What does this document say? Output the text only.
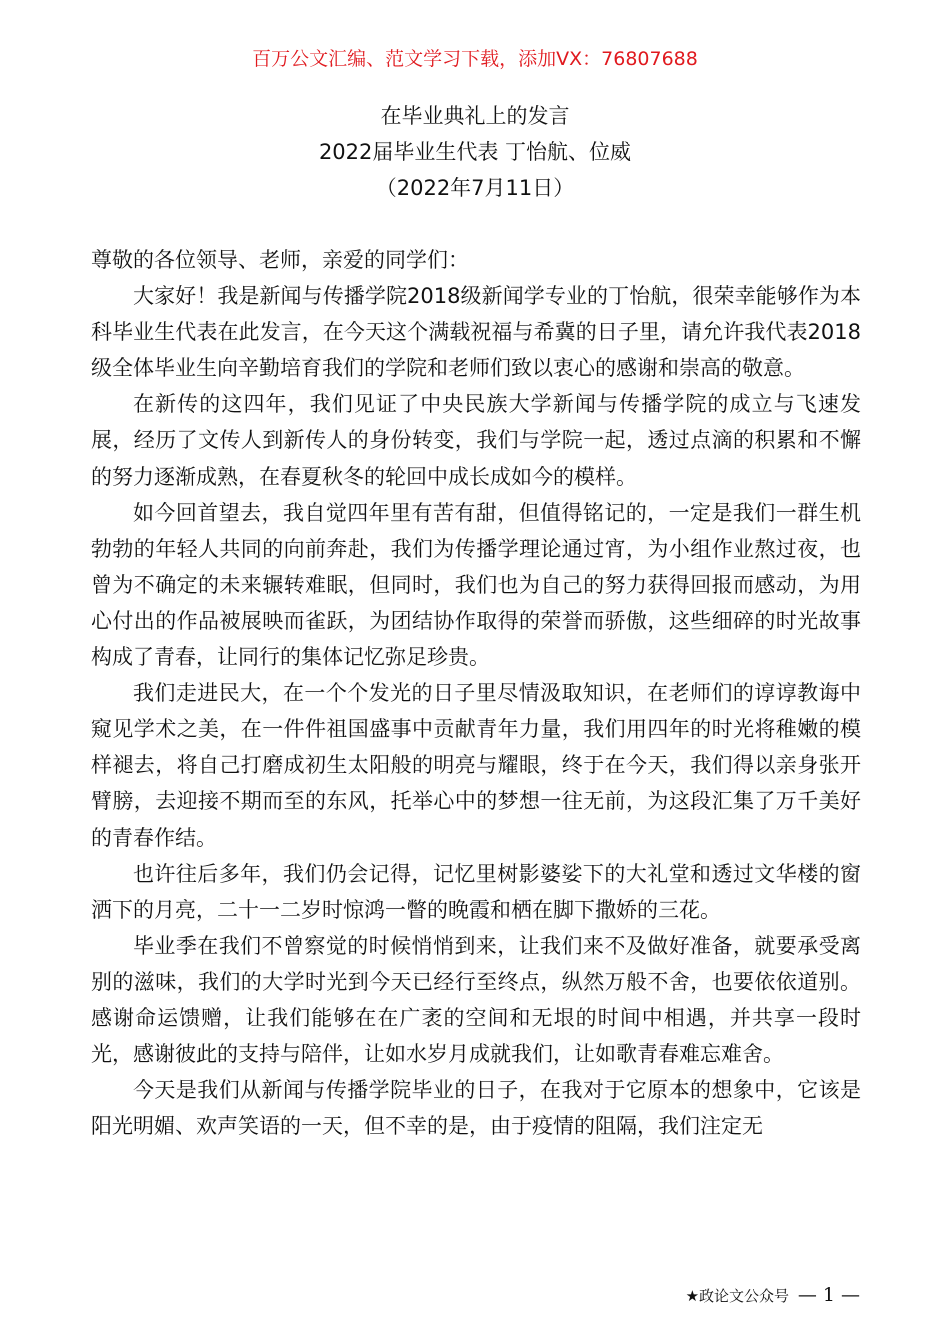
百万公文汇编、范文学习下载，添加VX：76807688
在毕业典礼上的发言
2022届毕业生代表 丁怡航、位威
（2022年7月11日）

尊敬的各位领导、老师，亲爱的同学们：

大家好！我是新闻与传播学院2018级新闻学专业的丁怡航，很荣幸能够作为本科毕业生代表在此发言，在今天这个满载祝福与希冀的日子里，请允许我代表2018级全体毕业生向辛勤培育我们的学院和老师们致以衷心的感谢和崇高的敬意。

在新传的这四年，我们见证了中央民族大学新闻与传播学院的成立与飞速发展，经历了文传人到新传人的身份转变，我们与学院一起，透过点滴的积累和不懈的努力逐渐成熟，在春夏秋冬的轮回中成长成如今的模样。

如今回首望去，我自觉四年里有苦有甜，但值得铭记的，一定是我们一群生机勃勃的年轻人共同的向前奔赴，我们为传播学理论通过宵，为小组作业熬过夜，也曾为不确定的未来辗转难眠，但同时，我们也为自己的努力获得回报而感动，为用心付出的作品被展映而雀跃，为团结协作取得的荣誉而骄傲，这些细碎的时光故事构成了青春，让同行的集体记忆弥足珍贵。

我们走进民大，在一个个发光的日子里尽情汲取知识，在老师们的谆谆教诲中窥见学术之美，在一件件祖国盛事中贡献青年力量，我们用四年的时光将稚嫩的模样褪去，将自己打磨成初生太阳般的明亮与耀眼，终于在今天，我们得以亲身张开臂膀，去迎接不期而至的东风，托举心中的梦想一往无前，为这段汇集了万千美好的青春作结。

也许往后多年，我们仍会记得，记忆里树影婆娑下的大礼堂和透过文华楼的窗洒下的月亮，二十一二岁时惊鸿一瞥的晚霞和栖在脚下撒娇的三花。

毕业季在我们不曾察觉的时候悄悄到来，让我们来不及做好准备，就要承受离别的滋味，我们的大学时光到今天已经行至终点，纵然万般不舍，也要依依道别。感谢命运馈赠，让我们能够在在广袤的空间和无垠的时间中相遇，并共享一段时光，感谢彼此的支持与陪伴，让如水岁月成就我们，让如歌青春难忘难舍。

今天是我们从新闻与传播学院毕业的日子，在我对于它原本的想象中，它该是阳光明媚、欢声笑语的一天，但不幸的是，由于疫情的阻隔，我们注定无

★政论文公众号 — 1 —
